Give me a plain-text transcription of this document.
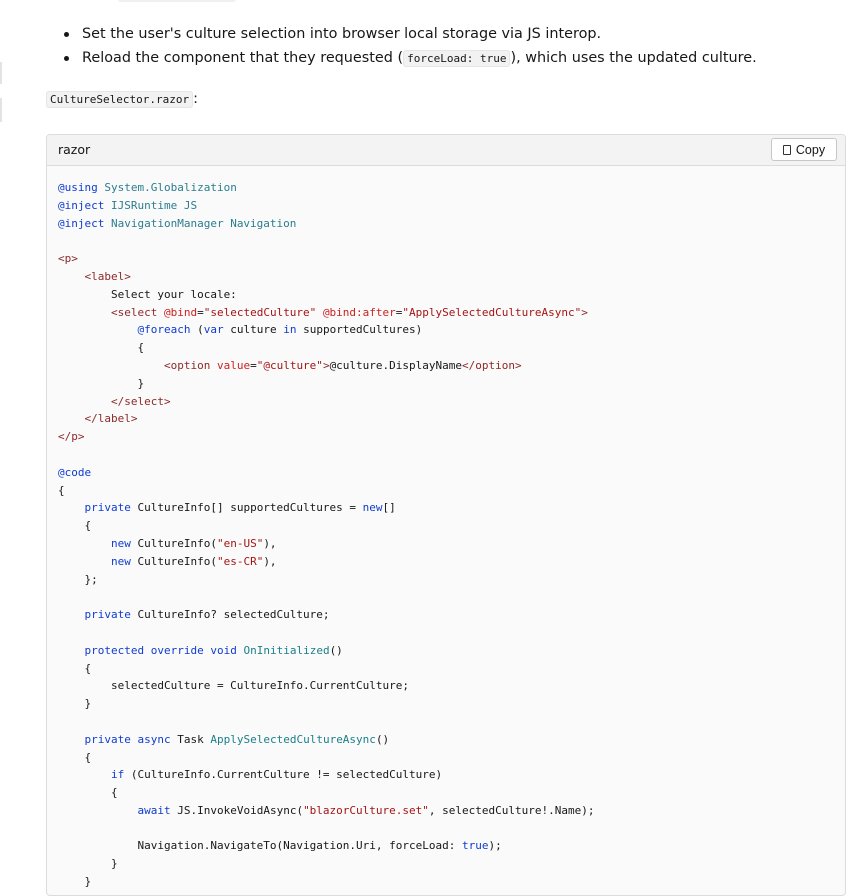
Set the user's culture selection into browser local storage via JS interop.
Reload the component that they requested ( forceLoad: true ), which uses the updated culture.
CultureSelector.razor :
razor	Copy
@using System.Globalization
@inject IJSRuntime JS
@inject NavigationManager Navigation

<p>
<label>
Select your locale:
<select @bind="selectedCulture" @bind:after="ApplySelectedCultureAsync">
@foreach (var culture in supportedCultures)
{
<option value="@culture">@culture.DisplayName</option>
}
</select>
</label>
</p>

@code
{
private CultureInfo[] supportedCultures = new[]
{
new CultureInfo("en-US"),
new CultureInfo("es-CR"),
};

private CultureInfo? selectedCulture;

protected override void OnInitialized()
{
selectedCulture = CultureInfo.CurrentCulture;
}

private async Task ApplySelectedCultureAsync()
{
if (CultureInfo.CurrentCulture != selectedCulture)
{
await JS.InvokeVoidAsync("blazorCulture.set", selectedCulture!.Name);

Navigation.NavigateTo(Navigation.Uri, forceLoad: true);
}
}
